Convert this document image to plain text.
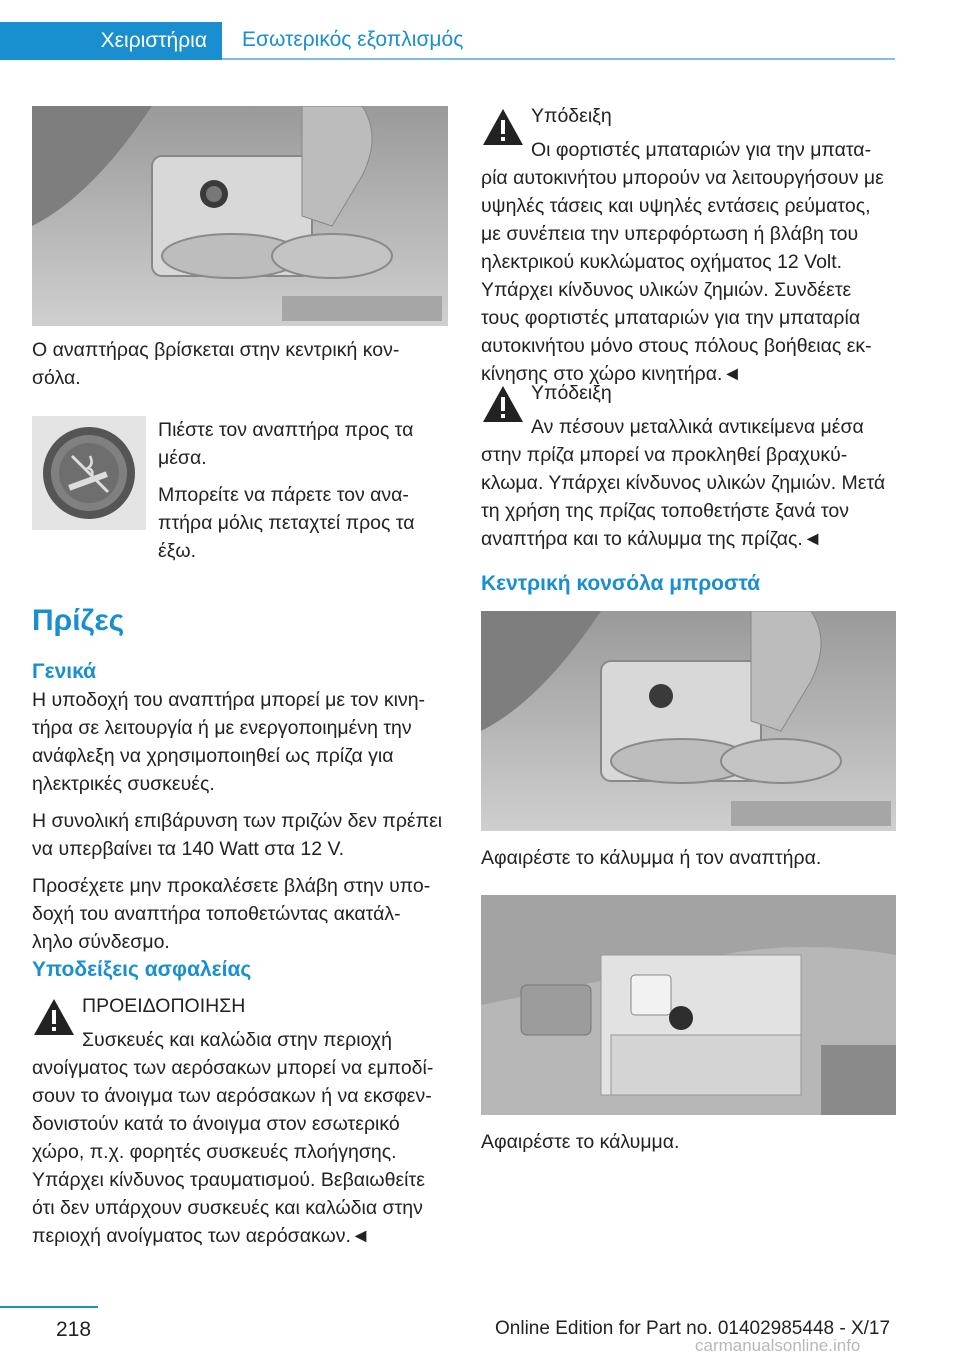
Χειριστήρια	Εσωτερικός εξοπλισμός

Ο αναπτήρας βρίσκεται στην κεντρική κον‐
σόλα.

Πιέστε τον αναπτήρα προς τα
μέσα.

Μπορείτε να πάρετε τον ανα‐
πτήρα μόλις πεταχτεί προς τα
έξω.

Πρίζες
Γενικά

Η υποδοχή του αναπτήρα μπορεί με τον κινη‐
τήρα σε λειτουργία ή με ενεργοποιημένη την
ανάφλεξη να χρησιμοποιηθεί ως πρίζα για
ηλεκτρικές συσκευές.

Η συνολική επιβάρυνση των πριζών δεν πρέπει
να υπερβαίνει τα 140 Watt στα 12 V.

Προσέχετε μην προκαλέσετε βλάβη στην υπο‐
δοχή του αναπτήρα τοποθετώντας ακατάλ‐
ληλο σύνδεσμο.

Υποδείξεις ασφαλείας

ΠΡΟΕΙΔΟΠΟΙΗΣΗ

Συσκευές και καλώδια στην περιοχή

ανοίγματος των αερόσακων μπορεί να εμποδί‐
σουν το άνοιγμα των αερόσακων ή να εκσφεν‐
δονιστούν κατά το άνοιγμα στον εσωτερικό
χώρο, π.χ. φορητές συσκευές πλοήγησης.
Υπάρχει κίνδυνος τραυματισμού. Βεβαιωθείτε
ότι δεν υπάρχουν συσκευές και καλώδια στην
περιοχή ανοίγματος των αερόσακων.◄

Υπόδειξη

Οι φορτιστές μπαταριών για την μπατα‐

ρία αυτοκινήτου μπορούν να λειτουργήσουν με
υψηλές τάσεις και υψηλές εντάσεις ρεύματος,
με συνέπεια την υπερφόρτωση ή βλάβη του
ηλεκτρικού κυκλώματος οχήματος 12 Volt.
Υπάρχει κίνδυνος υλικών ζημιών. Συνδέετε
τους φορτιστές μπαταριών για την μπαταρία
αυτοκινήτου μόνο στους πόλους βοήθειας εκ‐
κίνησης στο χώρο κινητήρα.◄

Υπόδειξη

Αν πέσουν μεταλλικά αντικείμενα μέσα

στην πρίζα μπορεί να προκληθεί βραχυκύ‐
κλωμα. Υπάρχει κίνδυνος υλικών ζημιών. Μετά
τη χρήση της πρίζας τοποθετήστε ξανά τον
αναπτήρα και το κάλυμμα της πρίζας.◄

Κεντρική κονσόλα μπροστά

Αφαιρέστε το κάλυμμα ή τον αναπτήρα.

Αφαιρέστε το κάλυμμα.

218	Online Edition for Part no. 01402985448 - X/17
carmanualsonline.info
